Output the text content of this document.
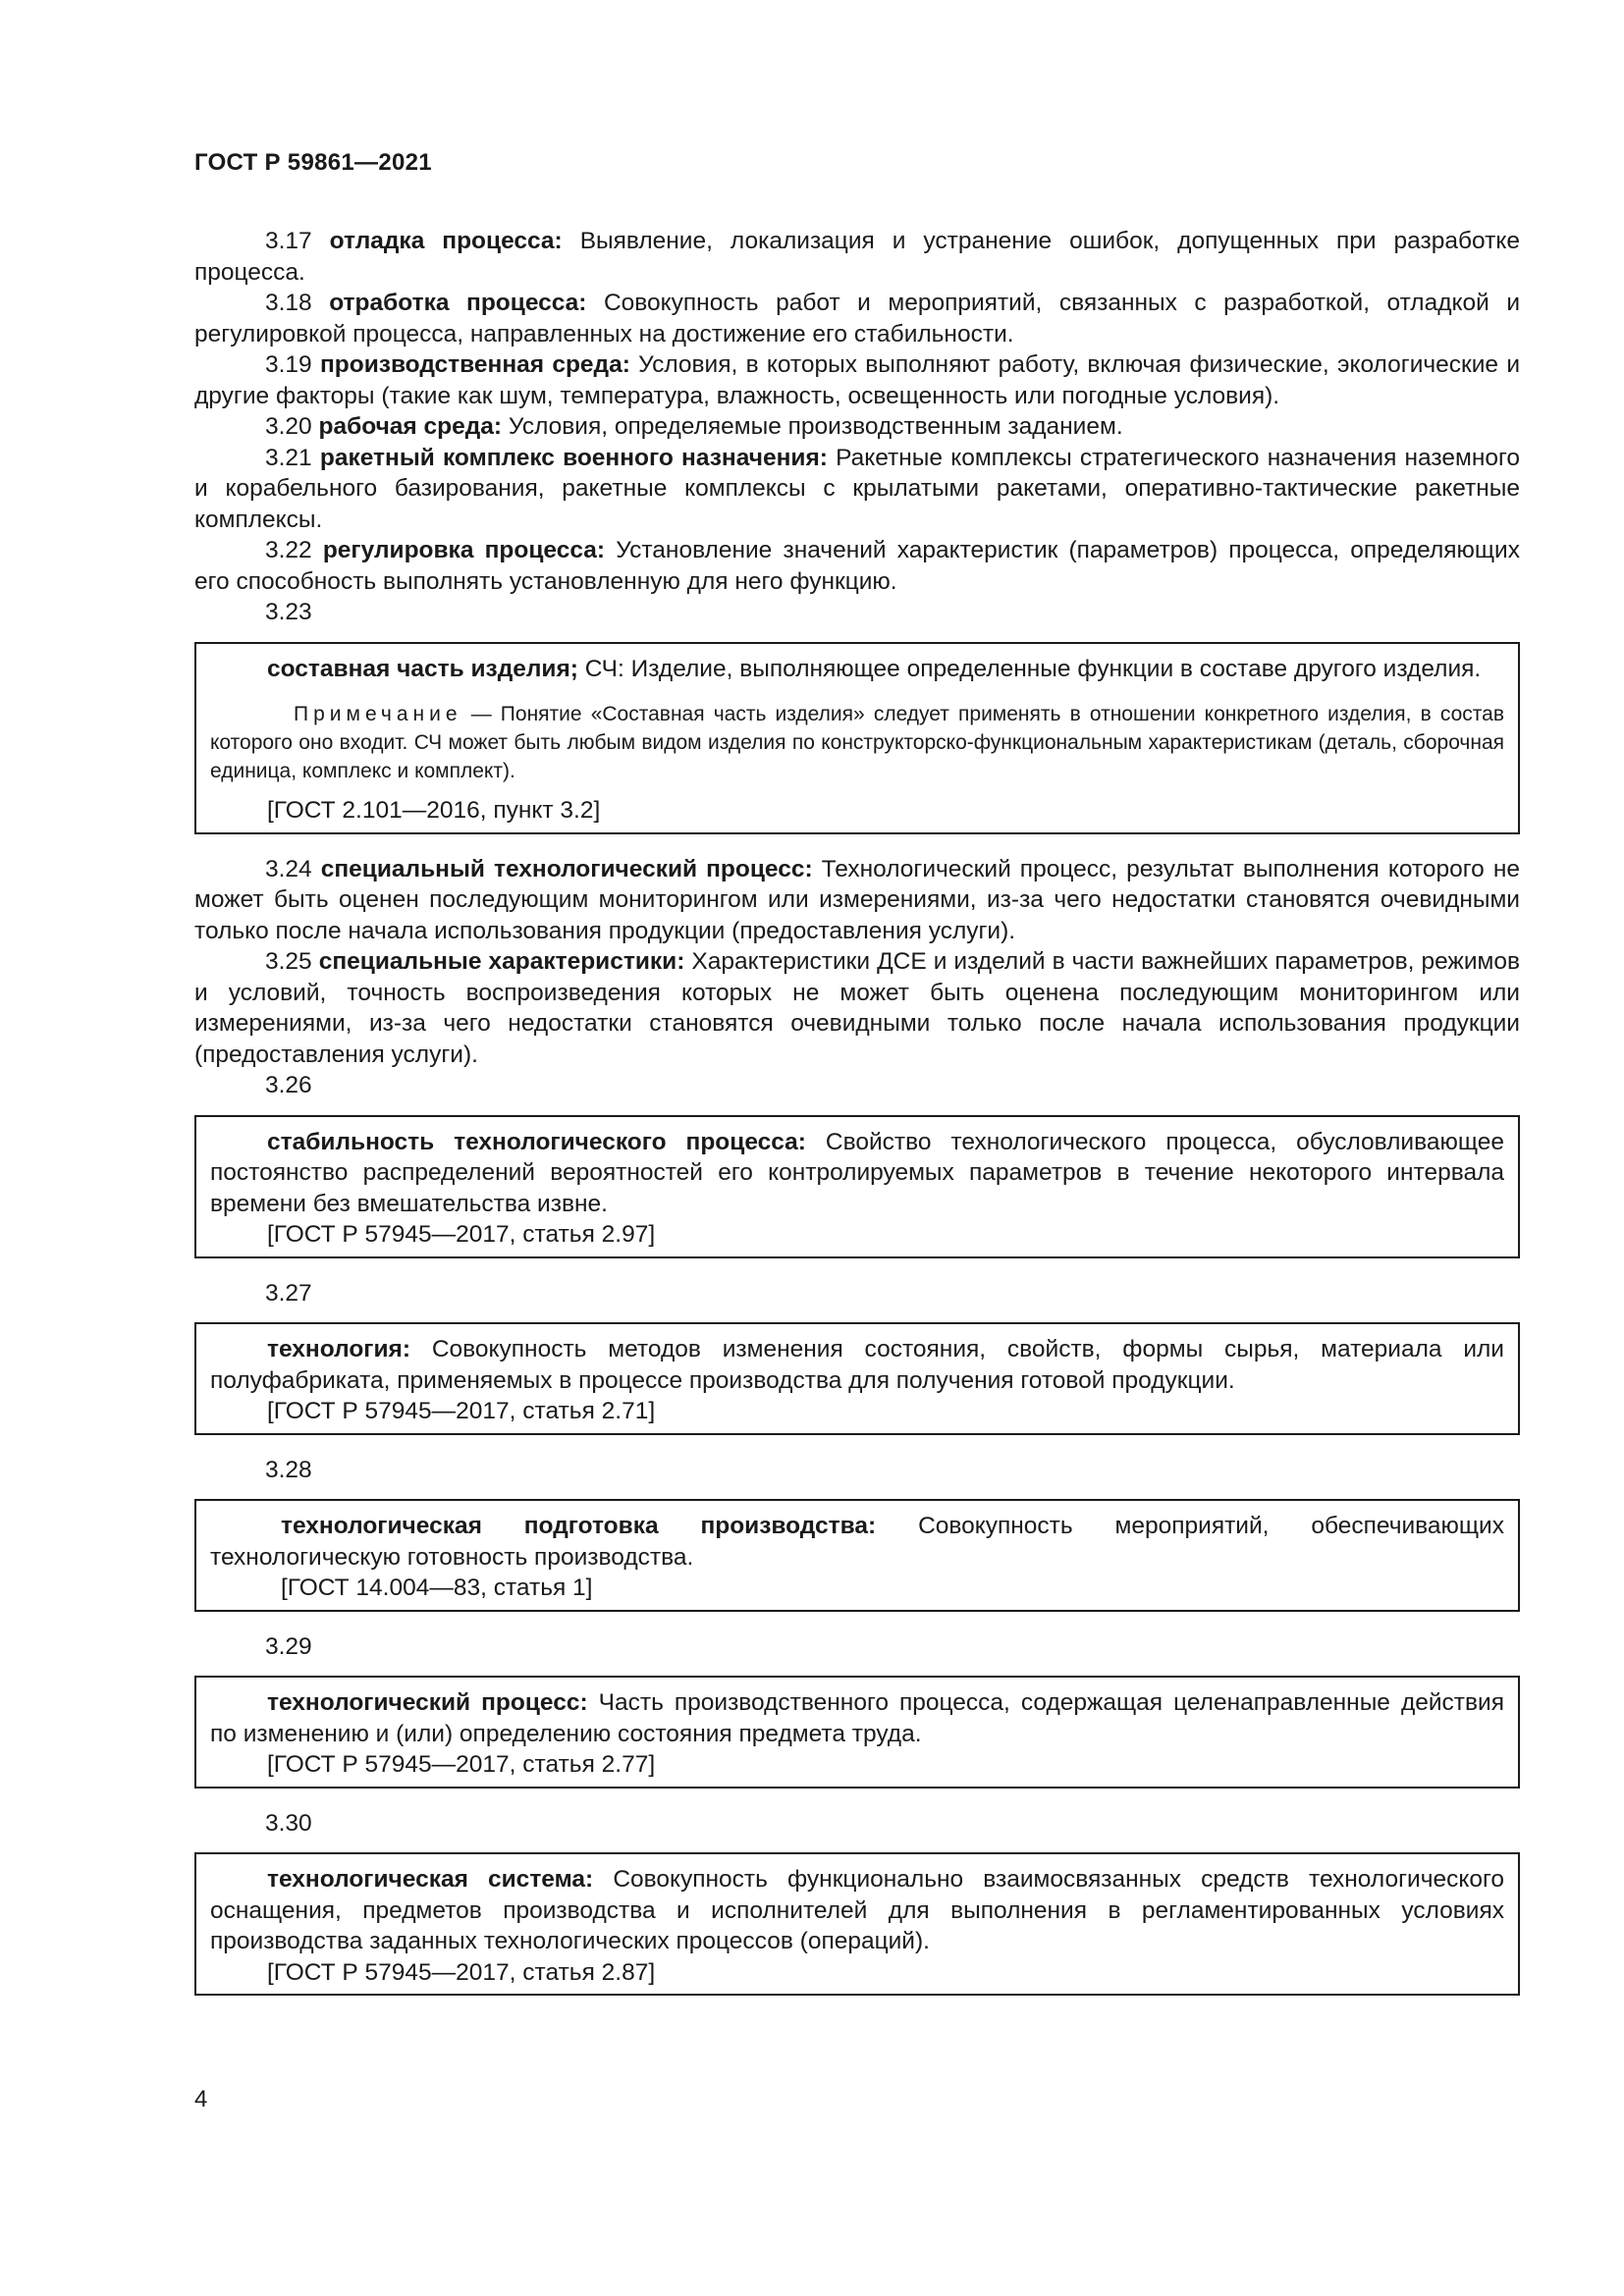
ГОСТ Р 59861—2021

3.17 отладка процесса: Выявление, локализация и устранение ошибок, допущенных при разработке процесса.

3.18 отработка процесса: Совокупность работ и мероприятий, связанных с разработкой, отладкой и регулировкой процесса, направленных на достижение его стабильности.

3.19 производственная среда: Условия, в которых выполняют работу, включая физические, экологические и другие факторы (такие как шум, температура, влажность, освещенность или погодные условия).

3.20 рабочая среда: Условия, определяемые производственным заданием.

3.21 ракетный комплекс военного назначения: Ракетные комплексы стратегического назначения наземного и корабельного базирования, ракетные комплексы с крылатыми ракетами, оперативно-тактические ракетные комплексы.

3.22 регулировка процесса: Установление значений характеристик (параметров) процесса, определяющих его способность выполнять установленную для него функцию.

3.23

составная часть изделия; СЧ: Изделие, выполняющее определенные функции в составе другого изделия.

Примечание — Понятие «Составная часть изделия» следует применять в отношении конкретного изделия, в состав которого оно входит. СЧ может быть любым видом изделия по конструкторско-функциональным характеристикам (деталь, сборочная единица, комплекс и комплект).

[ГОСТ 2.101—2016, пункт 3.2]

3.24 специальный технологический процесс: Технологический процесс, результат выполнения которого не может быть оценен последующим мониторингом или измерениями, из-за чего недостатки становятся очевидными только после начала использования продукции (предоставления услуги).

3.25 специальные характеристики: Характеристики ДСЕ и изделий в части важнейших параметров, режимов и условий, точность воспроизведения которых не может быть оценена последующим мониторингом или измерениями, из-за чего недостатки становятся очевидными только после начала использования продукции (предоставления услуги).

3.26

стабильность технологического процесса: Свойство технологического процесса, обусловливающее постоянство распределений вероятностей его контролируемых параметров в течение некоторого интервала времени без вмешательства извне.

[ГОСТ Р 57945—2017, статья 2.97]

3.27

технология: Совокупность методов изменения состояния, свойств, формы сырья, материала или полуфабриката, применяемых в процессе производства для получения готовой продукции.

[ГОСТ Р 57945—2017, статья 2.71]

3.28

технологическая подготовка производства: Совокупность мероприятий, обеспечивающих технологическую готовность производства.

[ГОСТ 14.004—83, статья 1]

3.29

технологический процесс: Часть производственного процесса, содержащая целенаправленные действия по изменению и (или) определению состояния предмета труда.

[ГОСТ Р 57945—2017, статья 2.77]

3.30

технологическая система: Совокупность функционально взаимосвязанных средств технологического оснащения, предметов производства и исполнителей для выполнения в регламентированных условиях производства заданных технологических процессов (операций).

[ГОСТ Р 57945—2017, статья 2.87]

4
